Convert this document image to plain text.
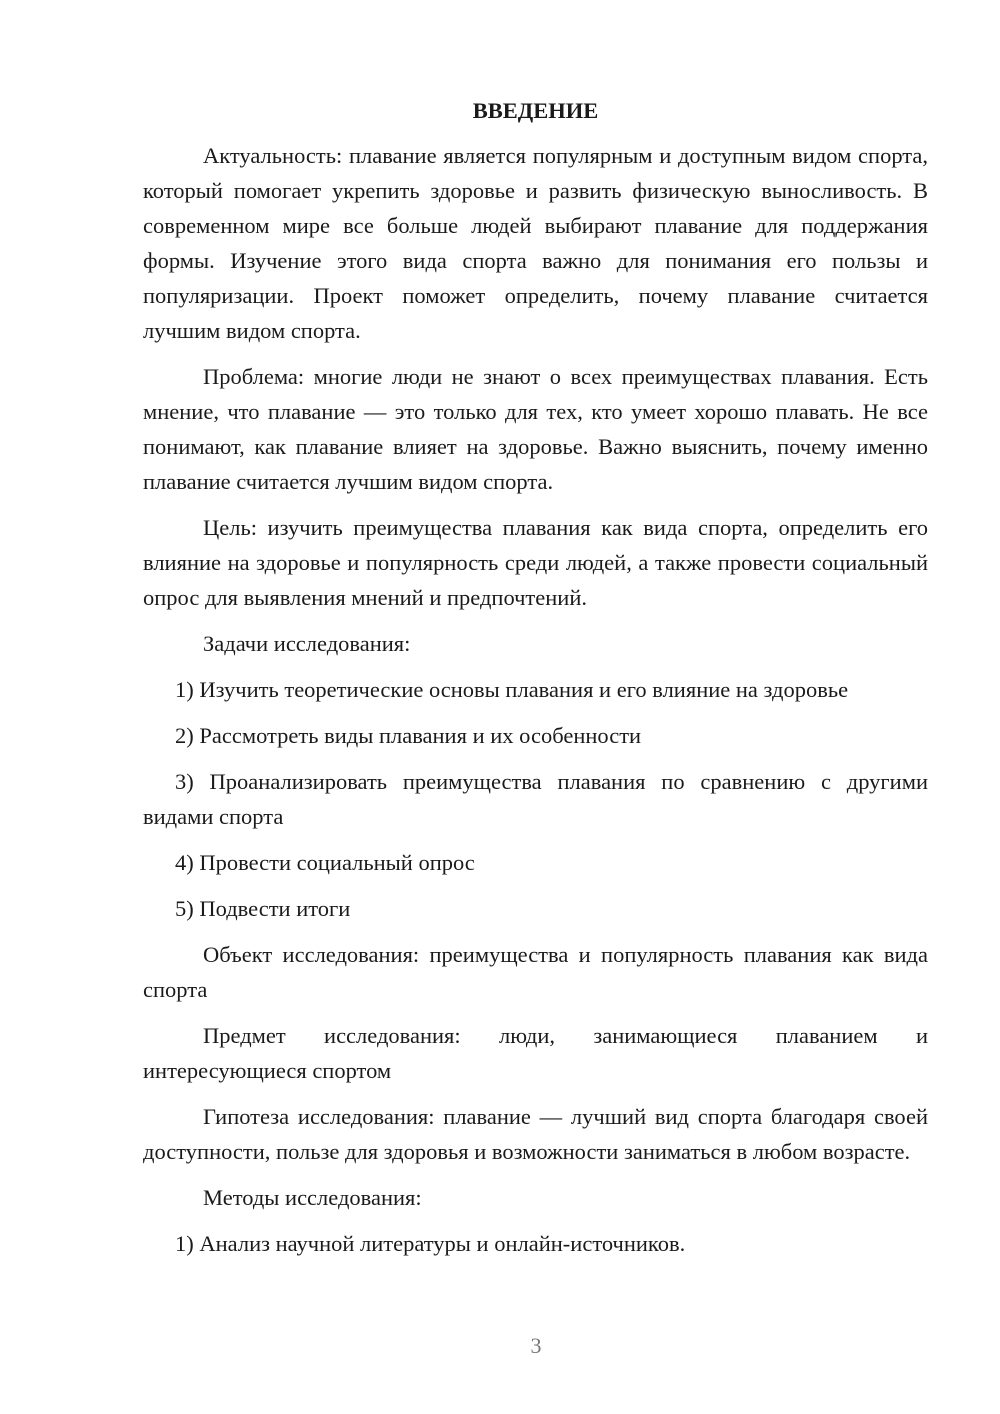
ВВЕДЕНИЕ

Актуальность: плавание является популярным и доступным видом спорта, который помогает укрепить здоровье и развить физическую выносливость. В современном мире все больше людей выбирают плавание для поддержания формы. Изучение этого вида спорта важно для понимания его пользы и популяризации. Проект поможет определить, почему плавание считается лучшим видом спорта.

Проблема: многие люди не знают о всех преимуществах плавания. Есть мнение, что плавание — это только для тех, кто умеет хорошо плавать. Не все понимают, как плавание влияет на здоровье. Важно выяснить, почему именно плавание считается лучшим видом спорта.

Цель: изучить преимущества плавания как вида спорта, определить его влияние на здоровье и популярность среди людей, а также провести социальный опрос для выявления мнений и предпочтений.

Задачи исследования:

1) Изучить теоретические основы плавания и его влияние на здоровье

2) Рассмотреть виды плавания и их особенности

3) Проанализировать преимущества плавания по сравнению с другими видами спорта

4) Провести социальный опрос

5) Подвести итоги

Объект исследования: преимущества и популярность плавания как вида спорта

Предмет исследования: люди, занимающиеся плаванием и интересующиеся спортом

Гипотеза исследования: плавание — лучший вид спорта благодаря своей доступности, пользе для здоровья и возможности заниматься в любом возрасте.

Методы исследования:

1) Анализ научной литературы и онлайн-источников.

3
